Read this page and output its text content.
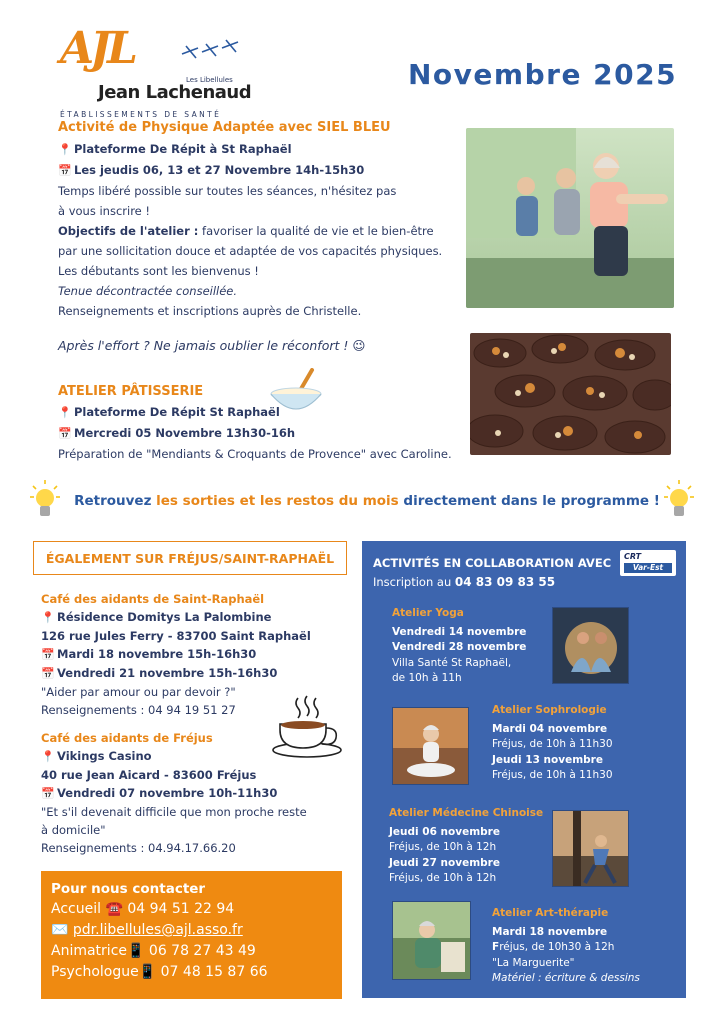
AJL
Les Libellules
Jean Lachenaud
ÉTABLISSEMENTS DE SANTÉ
Novembre 2025
Activité de Physique Adaptée avec SIEL BLEU
📍 Plateforme De Répit à St Raphaël
📅 Les jeudis 06, 13 et 27 Novembre 14h-15h30
Temps libéré possible sur toutes les séances, n'hésitez pas
à vous inscrire !
Objectifs de l'atelier : favoriser la qualité de vie et le bien-être
par une sollicitation douce et adaptée de vos capacités physiques.
Les débutants sont les bienvenus !
Tenue décontractée conseillée.
Renseignements et inscriptions auprès de Christelle.
Après l'effort ? Ne jamais oublier le réconfort ! 😉
ATELIER PÂTISSERIE
📍 Plateforme De Répit St Raphaël
📅 Mercredi 05 Novembre 13h30-16h
Préparation de "Mendiants & Croquants de Provence" avec Caroline.
Retrouvez les sorties et les restos du mois directement dans le programme !
ÉGALEMENT SUR FRÉJUS/SAINT-RAPHAËL
Café des aidants de Saint-Raphaël
📍 Résidence Domitys La Palombine
126 rue Jules Ferry - 83700 Saint Raphaël
📅 Mardi 18 novembre 15h-16h30
📅 Vendredi 21 novembre 15h-16h30
"Aider par amour ou par devoir ?"
Renseignements : 04 94 19 51 27
Café des aidants de Fréjus
📍 Vikings Casino
40 rue Jean Aicard - 83600 Fréjus
📅 Vendredi 07 novembre 10h-11h30
"Et s'il devenait difficile que mon proche reste
à domicile"
Renseignements : 04.94.17.66.20
Pour nous contacter
Accueil ☎️ 04 94 51 22 94
✉️ pdr.libellules@ajl.asso.fr
Animatrice📱 06 78 27 43 49
Psychologue📱 07 48 15 87 66
ACTIVITÉS EN COLLABORATION AVEC CRT
Var-Est
Inscription au 04 83 09 83 55
Atelier Yoga
Vendredi 14 novembre
Vendredi 28 novembre
Villa Santé St Raphaël,
de 10h à 11h
Atelier Sophrologie
Mardi 04 novembre
Fréjus, de 10h à 11h30
Jeudi 13 novembre
Fréjus, de 10h à 11h30
Atelier Médecine Chinoise
Jeudi 06 novembre
Fréjus, de 10h à 12h
Jeudi 27 novembre
Fréjus, de 10h à 12h
Atelier Art-thérapie
Mardi 18 novembre
Fréjus, de 10h30 à 12h
"La Marguerite"
Matériel : écriture & dessins
